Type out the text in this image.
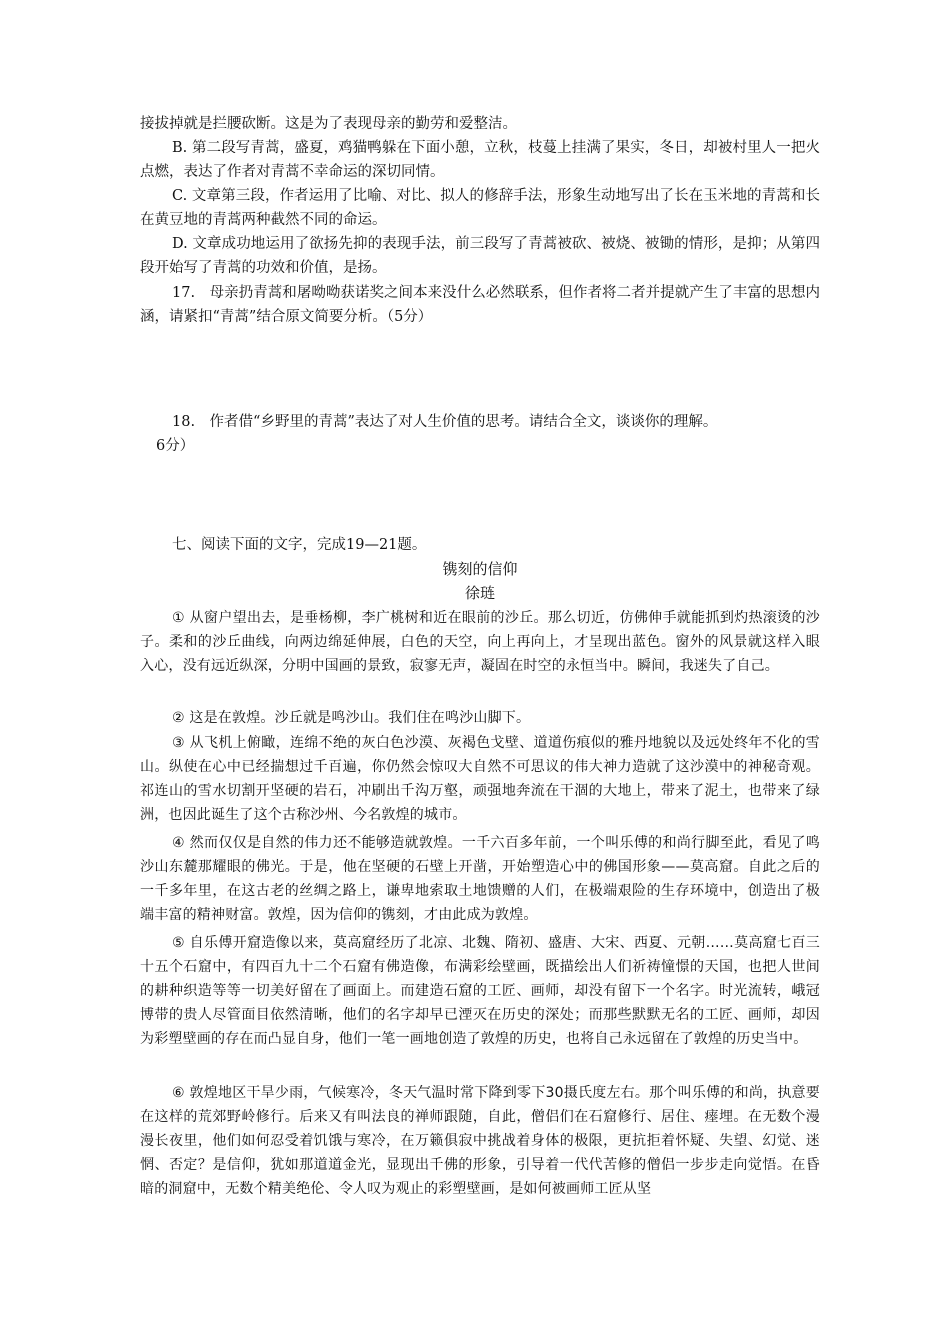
接拔掉就是拦腰砍断。这是为了表现母亲的勤劳和爱整洁。
B. 第二段写青蒿，盛夏，鸡猫鸭躲在下面小憩，立秋，枝蔓上挂满了果实，冬日，却被村里人一把火点燃，表达了作者对青蒿不幸命运的深切同情。
C. 文章第三段，作者运用了比喻、对比、拟人的修辞手法，形象生动地写出了长在玉米地的青蒿和长在黄豆地的青蒿两种截然不同的命运。
D. 文章成功地运用了欲扬先抑的表现手法，前三段写了青蒿被砍、被烧、被锄的情形，是抑；从第四段开始写了青蒿的功效和价值，是扬。
17.　母亲扔青蒿和屠呦呦获诺奖之间本来没什么必然联系，但作者将二者并提就产生了丰富的思想内涵，请紧扣“青蒿”结合原文简要分析。（5分）
18.　作者借“乡野里的青蒿”表达了对人生价值的思考。请结合全文，谈谈你的理解。
6分）
七、阅读下面的文字，完成19—21题。
镌刻的信仰
徐琏
① 从窗户望出去，是垂杨柳，李广桃树和近在眼前的沙丘。那么切近，仿佛伸手就能抓到灼热滚烫的沙子。柔和的沙丘曲线，向两边绵延伸展，白色的天空，向上再向上，才呈现出蓝色。窗外的风景就这样入眼入心，没有远近纵深，分明中国画的景致，寂寥无声，凝固在时空的永恒当中。瞬间，我迷失了自己。
② 这是在敦煌。沙丘就是鸣沙山。我们住在鸣沙山脚下。
③ 从飞机上俯瞰，连绵不绝的灰白色沙漠、灰褐色戈壁、道道伤痕似的雅丹地貌以及远处终年不化的雪山。纵使在心中已经揣想过千百遍，你仍然会惊叹大自然不可思议的伟大神力造就了这沙漠中的神秘奇观。祁连山的雪水切割开坚硬的岩石，冲刷出千沟万壑，顽强地奔流在干涸的大地上，带来了泥土，也带来了绿洲，也因此诞生了这个古称沙州、今名敦煌的城市。
④ 然而仅仅是自然的伟力还不能够造就敦煌。一千六百多年前，一个叫乐傅的和尚行脚至此，看见了鸣沙山东麓那耀眼的佛光。于是，他在坚硬的石壁上开凿，开始塑造心中的佛国形象——莫高窟。自此之后的一千多年里，在这古老的丝绸之路上，谦卑地索取土地馈赠的人们，在极端艰险的生存环境中，创造出了极端丰富的精神财富。敦煌，因为信仰的镌刻，才由此成为敦煌。
⑤ 自乐傅开窟造像以来，莫高窟经历了北凉、北魏、隋初、盛唐、大宋、西夏、元朝……莫高窟七百三十五个石窟中，有四百九十二个石窟有佛造像，布满彩绘壁画，既描绘出人们祈祷憧憬的天国，也把人世间的耕种织造等等一切美好留在了画面上。而建造石窟的工匠、画师，却没有留下一个名字。时光流转，峨冠博带的贵人尽管面目依然清晰，他们的名字却早已湮灭在历史的深处；而那些默默无名的工匠、画师，却因为彩塑壁画的存在而凸显自身，他们一笔一画地创造了敦煌的历史，也将自己永远留在了敦煌的历史当中。
⑥ 敦煌地区干旱少雨，气候寒冷，冬天气温时常下降到零下30摄氏度左右。那个叫乐傅的和尚，执意要在这样的荒郊野岭修行。后来又有叫法良的禅师跟随，自此，僧侣们在石窟修行、居住、瘗埋。在无数个漫漫长夜里，他们如何忍受着饥饿与寒冷，在万籁俱寂中挑战着身体的极限，更抗拒着怀疑、失望、幻觉、迷惘、否定？是信仰，犹如那道道金光，显现出千佛的形象，引导着一代代苦修的僧侣一步步走向觉悟。在昏暗的洞窟中，无数个精美绝伦、令人叹为观止的彩塑壁画，是如何被画师工匠从坚
